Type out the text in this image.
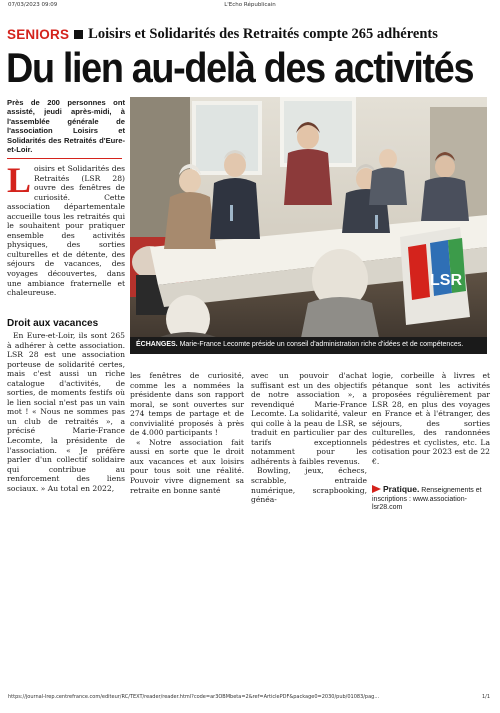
07/03/2023 09:09	L'Echo Républicain
SENIORS Loisirs et Solidarités des Retraités compte 265 adhérents
Du lien au-delà des activités

Près de 200 personnes ont assisté, jeudi après-midi, à l'assemblée générale de l'association Loisirs et Solidarités des Retraités d'Eure-et-Loir.

Loisirs et Solidarités des Retraités (LSR 28) ouvre des fenêtres de curiosité. Cette association départementale accueille tous les retraités qui le souhaitent pour pratiquer ensemble des activités physiques, des sorties culturelles et de détente, des séjours de vacances, des voyages découvertes, dans une ambiance fraternelle et chaleureuse.
Droit aux vacances

En Eure-et-Loir, ils sont 265 à adhérer à cette association. LSR 28 est une association porteuse de solidarité certes, mais c'est aussi un riche catalogue d'activités, de sorties, de moments festifs où le lien social n'est pas un vain mot ! « Nous ne sommes pas un club de retraités », a précisé Marie-France Lecomte, la présidente de l'association. « Je préfère parler d'un collectif solidaire qui contribue au renforcement des liens sociaux. » Au total en 2022,

LSR
ÉCHANGES. Marie-France Lecomte préside un conseil d'administration riche d'idées et de compétences.

les fenêtres de curiosité, comme les a nommées la présidente dans son rapport moral, se sont ouvertes sur 274 temps de partage et de convivialité proposés à près de 4.000 participants !

« Notre association fait aussi en sorte que le droit aux vacances et aux loisirs pour tous soit une réalité. Pouvoir vivre dignement sa retraite en bonne santé

avec un pouvoir d'achat suffisant est un des objectifs de notre association », a revendiqué Marie-France Lecomte. La solidarité, valeur qui colle à la peau de LSR, se traduit en particulier par des tarifs exceptionnels notamment pour les adhérents à faibles revenus.

Bowling, jeux, échecs, scrabble, entraide numérique, scrapbooking, généa-

logie, corbeille à livres et pétanque sont les activités proposées régulièrement par LSR 28, en plus des voyages en France et à l'étranger, des séjours, des sorties culturelles, des randonnées pédestres et cyclistes, etc. La cotisation pour 2023 est de 22 €.

Pratique. Renseignements et inscriptions : www.association-lsr28.com
https://journal-lrep.centrefrance.com/editeur/RC/TEXT/reader/reader.html?code=ar3OBMbeta=2&ref=ArticlePDF&package0=2030/pub/01083/pag...	1/1
